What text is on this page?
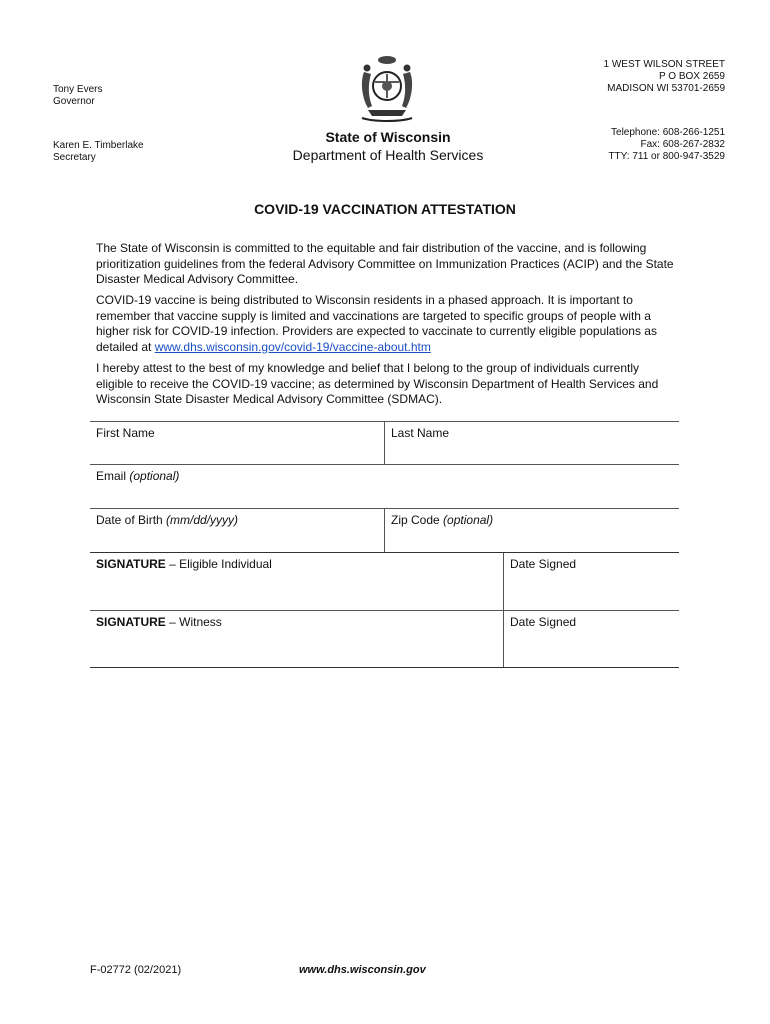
Tony Evers
Governor
Karen E. Timberlake
Secretary
State of Wisconsin
Department of Health Services
1 WEST WILSON STREET
P O BOX 2659
MADISON WI 53701-2659
Telephone: 608-266-1251
Fax: 608-267-2832
TTY: 711 or 800-947-3529
COVID-19 VACCINATION ATTESTATION
The State of Wisconsin is committed to the equitable and fair distribution of the vaccine, and is following prioritization guidelines from the federal Advisory Committee on Immunization Practices (ACIP) and the State Disaster Medical Advisory Committee.
COVID-19 vaccine is being distributed to Wisconsin residents in a phased approach. It is important to remember that vaccine supply is limited and vaccinations are targeted to specific groups of people with a higher risk for COVID-19 infection. Providers are expected to vaccinate to currently eligible populations as detailed at www.dhs.wisconsin.gov/covid-19/vaccine-about.htm
I hereby attest to the best of my knowledge and belief that I belong to the group of individuals currently eligible to receive the COVID-19 vaccine; as determined by Wisconsin Department of Health Services and Wisconsin State Disaster Medical Advisory Committee (SDMAC).
First Name	Last Name
Email (optional)
Date of Birth (mm/dd/yyyy)	Zip Code (optional)
SIGNATURE – Eligible Individual	Date Signed
SIGNATURE – Witness	Date Signed
F-02772 (02/2021)	www.dhs.wisconsin.gov
